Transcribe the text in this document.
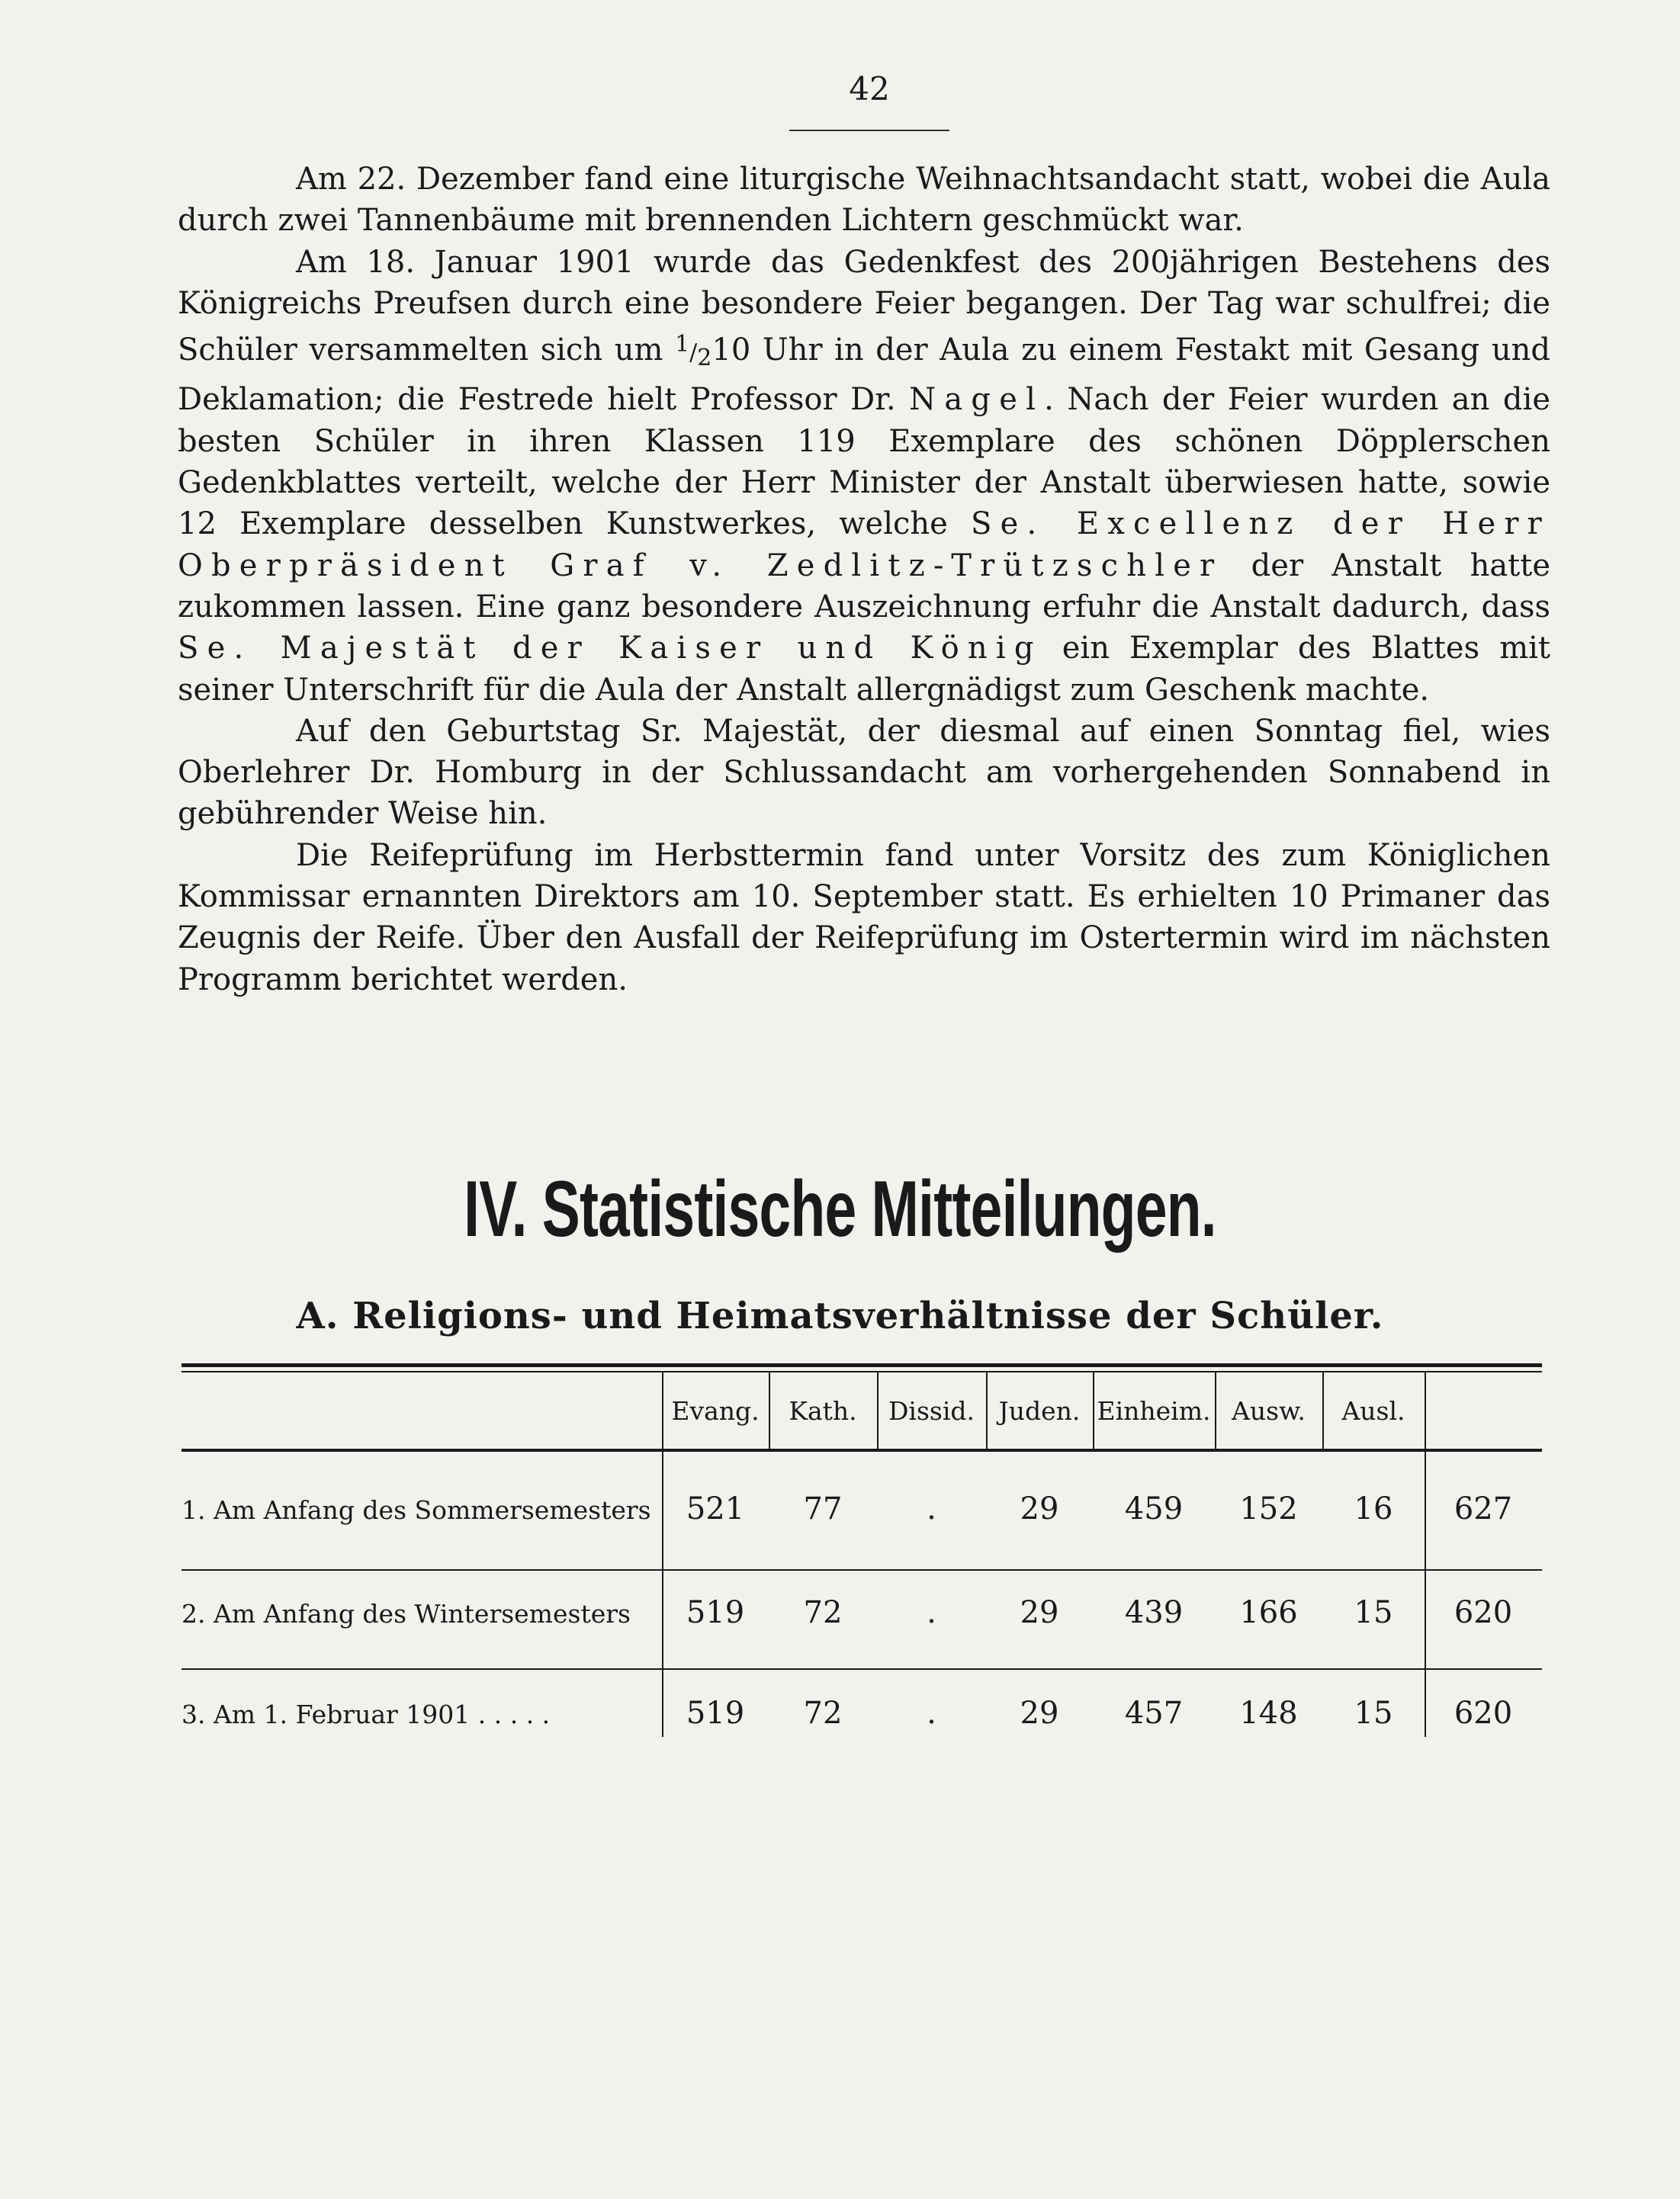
42

Am 22. Dezember fand eine liturgische Weihnachtsandacht statt, wobei die Aula durch zwei Tannenbäume mit brennenden Lichtern geschmückt war.

Am 18. Januar 1901 wurde das Gedenkfest des 200jährigen Bestehens des Königreichs Preufsen durch eine besondere Feier begangen. Der Tag war schulfrei; die Schüler versammelten sich um $^1/_210$ Uhr in der Aula zu einem Festakt mit Gesang und Deklamation; die Festrede hielt Professor Dr. Nagel. Nach der Feier wurden an die besten Schüler in ihren Klassen 119 Exemplare des schönen Döpplerschen Gedenkblattes verteilt, welche der Herr Minister der Anstalt überwiesen hatte, sowie 12 Exemplare desselben Kunstwerkes, welche Se. Excellenz der Herr Oberpräsident Graf v. Zedlitz-Trützschler der Anstalt hatte zukommen lassen. Eine ganz besondere Auszeichnung erfuhr die Anstalt dadurch, dass Se. Majestät der Kaiser und König ein Exemplar des Blattes mit seiner Unterschrift für die Aula der Anstalt allergnädigst zum Geschenk machte.

Auf den Geburtstag Sr. Majestät, der diesmal auf einen Sonntag fiel, wies Oberlehrer Dr. Homburg in der Schlussandacht am vorhergehenden Sonnabend in gebührender Weise hin.

Die Reifeprüfung im Herbsttermin fand unter Vorsitz des zum Königlichen Kommissar ernannten Direktors am 10. September statt. Es erhielten 10 Primaner das Zeugnis der Reife. Über den Ausfall der Reifeprüfung im Ostertermin wird im nächsten Programm berichtet werden.

IV. Statistische Mitteilungen.
A. Religions- und Heimatsverhältnisse der Schüler.
Evang.	Kath.	Dissid. Juden. Einheim. Ausw.	Ausl.
1. Am Anfang des Sommersemesters	521	77	.	29	459	152	16	627
2. Am Anfang des Wintersemesters	519	72	.	29	439	166	15	620
3. Am 1. Februar 1901 . . . . .	519	72	.	29	457	148	15	620
